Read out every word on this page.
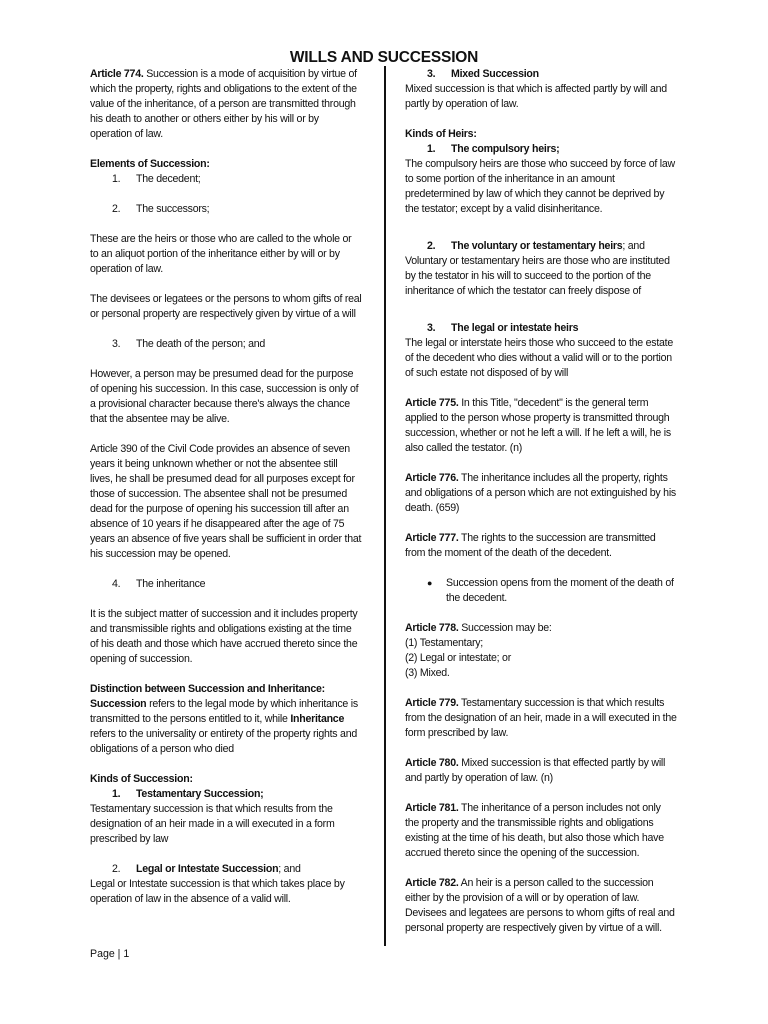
WILLS AND SUCCESSION

Article 774. Succession is a mode of acquisition by virtue of which the property, rights and obligations to the extent of the value of the inheritance, of a person are transmitted through his death to another or others either by his will or by operation of law.

Elements of Succession:

1.	The decedent;
2.	The successors;

These are the heirs or those who are called to the whole or to an aliquot portion of the inheritance either by will or by operation of law.

The devisees or legatees or the persons to whom gifts of real or personal property are respectively given by virtue of a will

3.	The death of the person; and

However, a person may be presumed dead for the purpose of opening his succession. In this case, succession is only of a provisional character because there's always the chance that the absentee may be alive.

Article 390 of the Civil Code provides an absence of seven years it being unknown whether or not the absentee still lives, he shall be presumed dead for all purposes except for those of succession. The absentee shall not be presumed dead for the purpose of opening his succession till after an absence of 10 years if he disappeared after the age of 75 years an absence of five years shall be sufficient in order that his succession may be opened.

4.	The inheritance

It is the subject matter of succession and it includes property and transmissible rights and obligations existing at the time of his death and those which have accrued thereto since the opening of succession.

Distinction between Succession and Inheritance:

Succession refers to the legal mode by which inheritance is transmitted to the persons entitled to it, while Inheritance refers to the universality or entirety of the property rights and obligations of a person who died

Kinds of Succession:

1.	Testamentary Succession;

Testamentary succession is that which results from the designation of an heir made in a will executed in a form prescribed by law

2.	Legal or Intestate Succession; and

Legal or Intestate succession is that which takes place by operation of law in the absence of a valid will.

3.	Mixed Succession

Mixed succession is that which is affected partly by will and partly by operation of law.

Kinds of Heirs:

1.	The compulsory heirs;

The compulsory heirs are those who succeed by force of law to some portion of the inheritance in an amount predetermined by law of which they cannot be deprived by the testator; except by a valid disinheritance.

2.	The voluntary or testamentary heirs; and

Voluntary or testamentary heirs are those who are instituted by the testator in his will to succeed to the portion of the inheritance of which the testator can freely dispose of

3.	The legal or intestate heirs

The legal or interstate heirs those who succeed to the estate of the decedent who dies without a valid will or to the portion of such estate not disposed of by will

Article 775. In this Title, "decedent" is the general term applied to the person whose property is transmitted through succession, whether or not he left a will. If he left a will, he is also called the testator. (n)

Article 776. The inheritance includes all the property, rights and obligations of a person which are not extinguished by his death. (659)

Article 777. The rights to the succession are transmitted from the moment of the death of the decedent.

●	Succession opens from the moment of the death of the decedent.

Article 778. Succession may be:

(1) Testamentary;

(2) Legal or intestate; or

(3) Mixed.

Article 779. Testamentary succession is that which results from the designation of an heir, made in a will executed in the form prescribed by law.

Article 780. Mixed succession is that effected partly by will and partly by operation of law. (n)

Article 781. The inheritance of a person includes not only the property and the transmissible rights and obligations existing at the time of his death, but also those which have accrued thereto since the opening of the succession.

Article 782. An heir is a person called to the succession either by the provision of a will or by operation of law. Devisees and legatees are persons to whom gifts of real and personal property are respectively given by virtue of a will.

Page | 1
